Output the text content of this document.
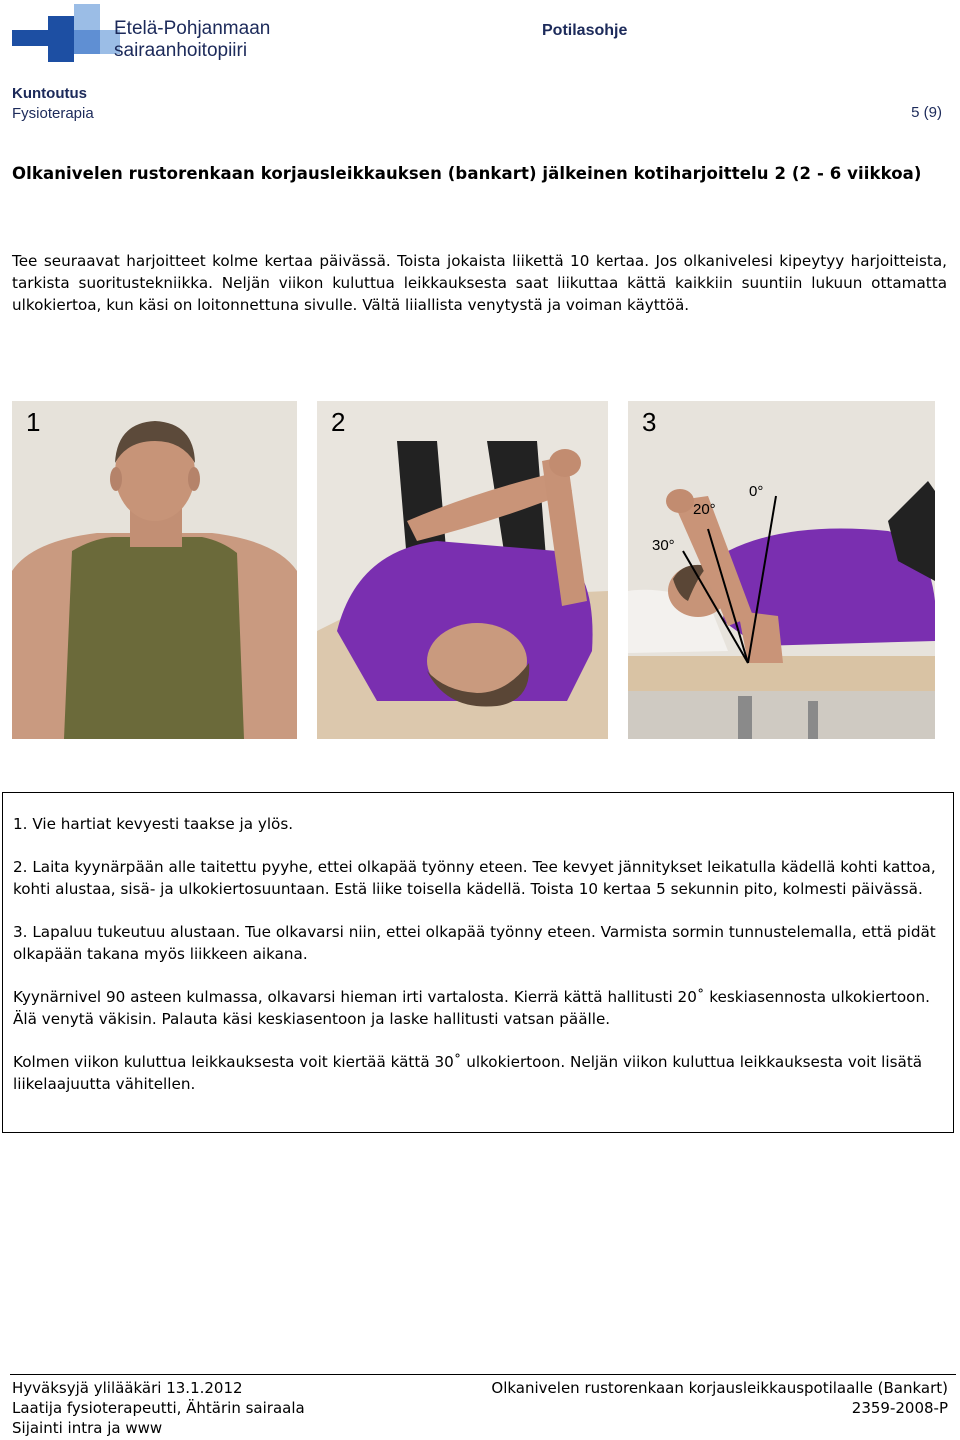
Etelä-Pohjanmaan
sairaanhoitopiiri
Potilasohje
Kuntoutus
Fysioterapia	5 (9)
Olkanivelen rustorenkaan korjausleikkauksen (bankart) jälkeinen kotiharjoittelu 2 (2 - 6 viikkoa)
Tee seuraavat harjoitteet kolme kertaa päivässä. Toista jokaista liikettä 10 kertaa. Jos olkanivelesi kipeytyy harjoitteista, tarkista suoritustekniikka. Neljän viikon kuluttua leikkauksesta saat liikuttaa kättä kaikkiin suuntiin lukuun ottamatta ulkokiertoa, kun käsi on loitonnettuna sivulle. Vältä liiallista venytystä ja voiman käyttöä.
1	2	3
0°
20°
30°

1. Vie hartiat kevyesti taakse ja ylös.

2. Laita kyynärpään alle taitettu pyyhe, ettei olkapää työnny eteen. Tee kevyet jännitykset leikatulla kädellä kohti kattoa, kohti alustaa, sisä- ja ulkokiertosuuntaan. Estä liike toisella kädellä. Toista 10 kertaa 5 sekunnin pito, kolmesti päivässä.

3. Lapaluu tukeutuu alustaan. Tue olkavarsi niin, ettei olkapää työnny eteen. Varmista sormin tunnustelemalla, että pidät olkapään takana myös liikkeen aikana.

Kyynärnivel 90 asteen kulmassa, olkavarsi hieman irti vartalosta. Kierrä kättä hallitusti 20˚ keskiasennosta ulkokiertoon. Älä venytä väkisin. Palauta käsi keskiasentoon ja laske hallitusti vatsan päälle.

Kolmen viikon kuluttua leikkauksesta voit kiertää kättä 30˚ ulkokiertoon. Neljän viikon kuluttua leikkauksesta voit lisätä liikelaajuutta vähitellen.

Hyväksyjä ylilääkäri 13.1.2012
Laatija fysioterapeutti, Ähtärin sairaala
Sijainti intra ja www
Olkanivelen rustorenkaan korjausleikkauspotilaalle (Bankart)
2359-2008-P
